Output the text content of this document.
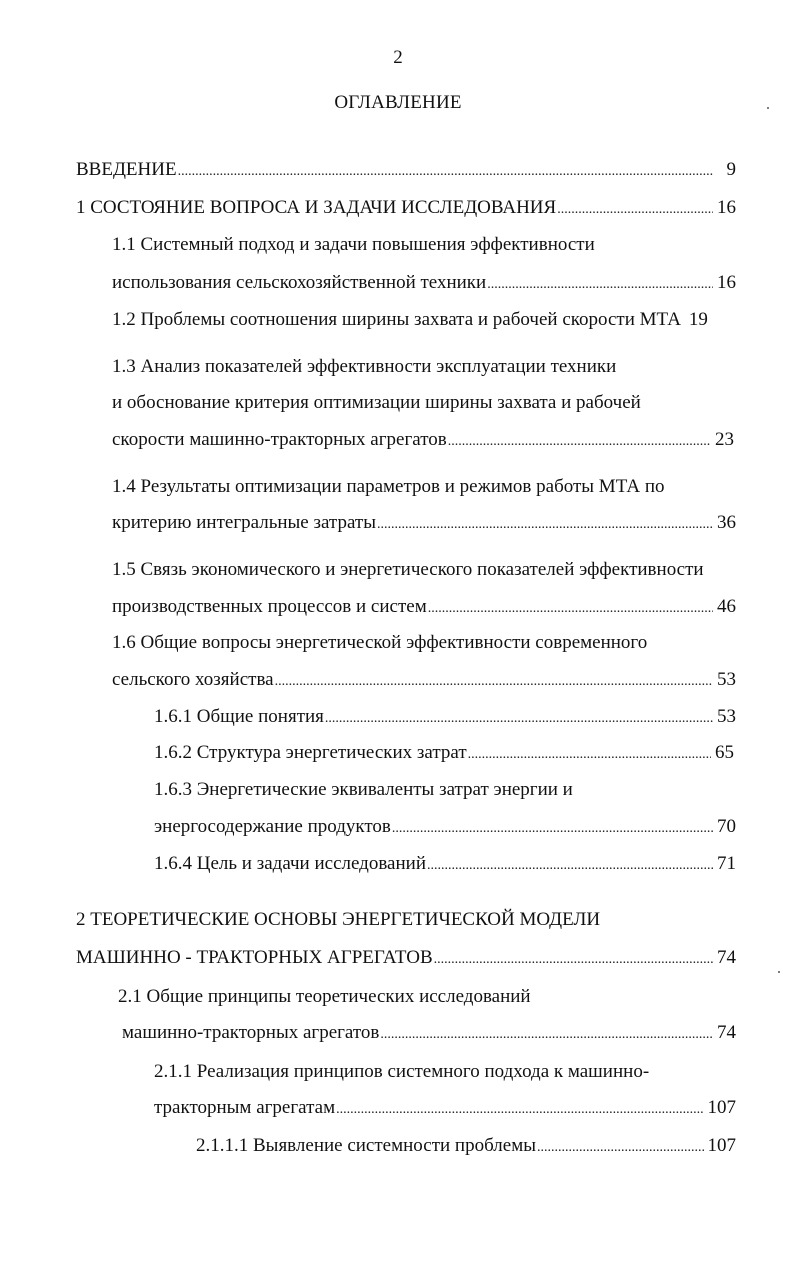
2
ОГЛАВЛЕНИЕ
ВВЕДЕНИЕ .....	9
1 СОСТОЯНИЕ ВОПРОСА И ЗАДАЧИ ИССЛЕДОВАНИЯ .....	16
1.1 Системный подход и задачи повышения эффективности
использования сельскохозяйственной техники .....	16
1.2 Проблемы соотношения ширины захвата и рабочей скорости МТА 19
1.3 Анализ показателей эффективности эксплуатации техники
и обоснование критерия оптимизации ширины захвата и рабочей
скорости машинно-тракторных агрегатов .....	23
1.4 Результаты оптимизации параметров и режимов работы МТА по
критерию интегральные затраты .....	36
1.5 Связь экономического и энергетического показателей эффективности
производственных процессов и систем .....	46
1.6 Общие вопросы энергетической эффективности современного
сельского хозяйства .....	53
1.6.1 Общие понятия .....	53
1.6.2 Структура энергетических затрат .....	65
1.6.3 Энергетические эквиваленты затрат энергии и
энергосодержание продуктов .....	70
1.6.4 Цель и задачи исследований .....	71
2 ТЕОРЕТИЧЕСКИЕ ОСНОВЫ ЭНЕРГЕТИЧЕСКОЙ МОДЕЛИ
МАШИННО - ТРАКТОРНЫХ АГРЕГАТОВ .....	74
2.1 Общие принципы теоретических исследований
машинно-тракторных агрегатов .....	74
2.1.1 Реализация принципов системного подхода к машинно-
тракторным агрегатам .....	107
2.1.1.1 Выявление системности проблемы .....	107
